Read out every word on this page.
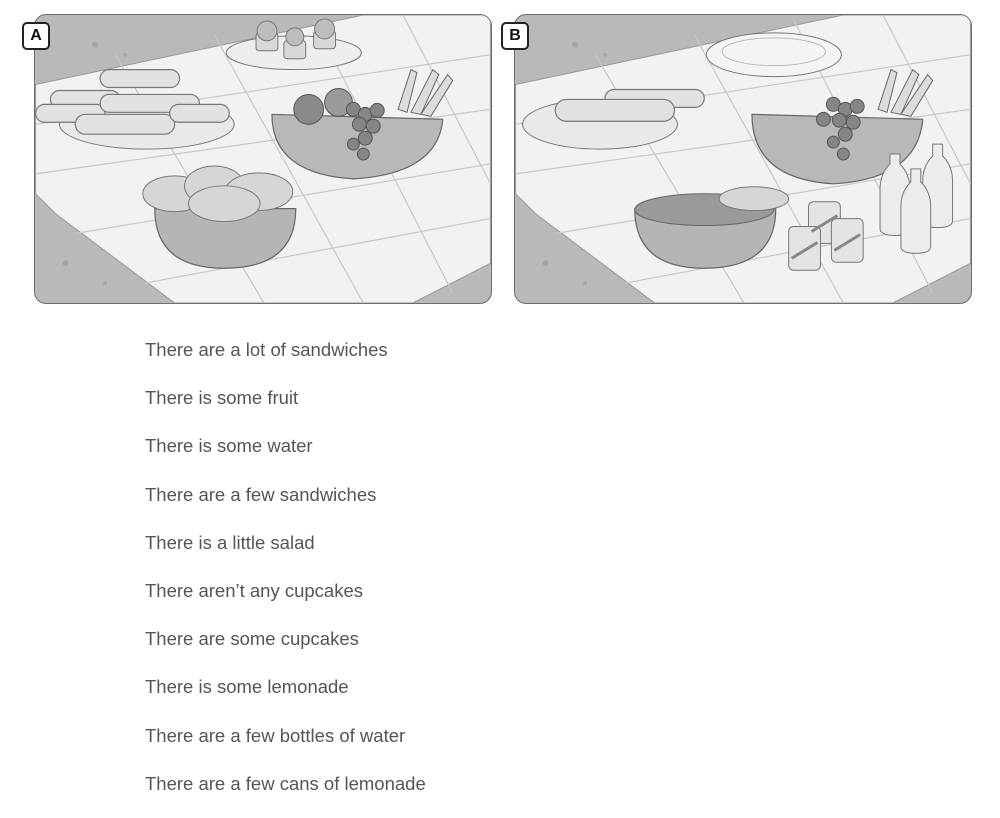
A	B
There are a lot of sandwiches
There is some fruit
There is some water
There are a few sandwiches
There is a little salad
There aren’t any cupcakes
There are some cupcakes
There is some lemonade
There are a few bottles of water
There are a few cans of lemonade
